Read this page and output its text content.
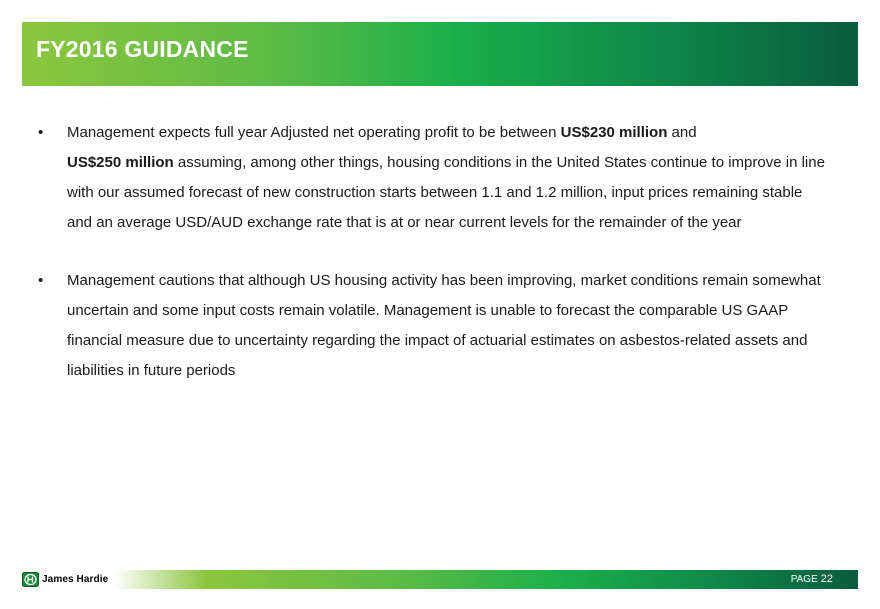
FY2016 GUIDANCE
•	Management expects full year Adjusted net operating profit to be between US$230 million and
US$250 million assuming, among other things, housing conditions in the United States continue to improve in line with our assumed forecast of new construction starts between 1.1 and 1.2 million, input prices remaining stable and an average USD/AUD exchange rate that is at or near current levels for the remainder of the year
•	Management cautions that although US housing activity has been improving, market conditions remain somewhat uncertain and some input costs remain volatile. Management is unable to forecast the comparable US GAAP financial measure due to uncertainty regarding the impact of actuarial estimates on asbestos-related assets and liabilities in future periods
James Hardie	PAGE 22
